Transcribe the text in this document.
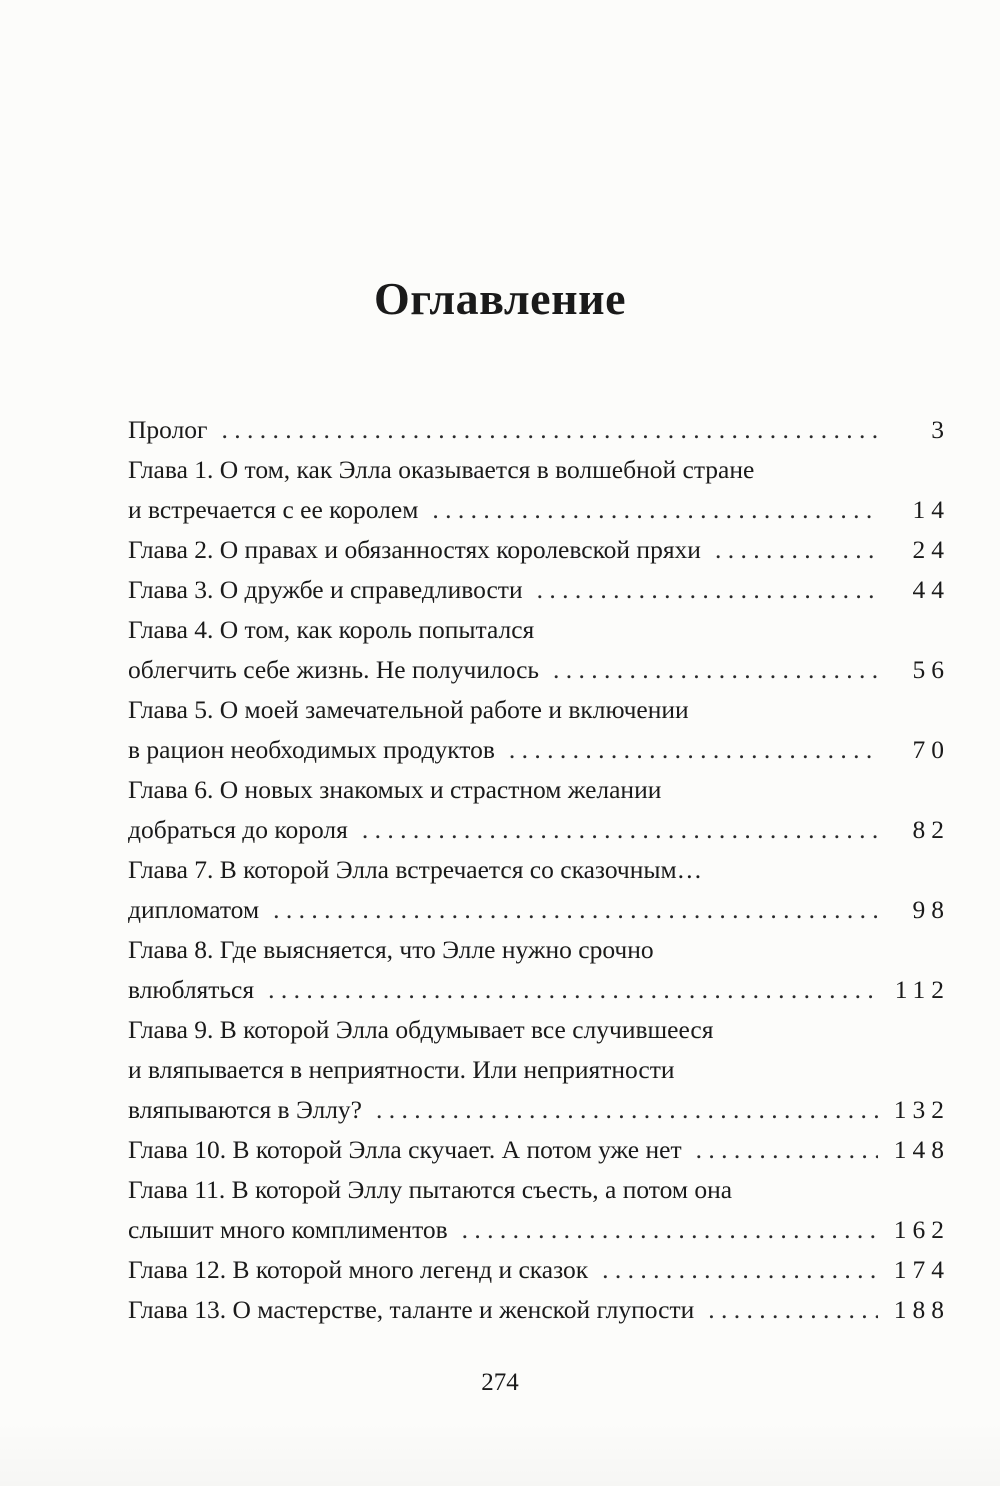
Оглавление
Пролог . . .	3
Глава 1. О том, как Элла оказывается в волшебной стране
и встречается с ее королем . . .	14
Глава 2. О правах и обязанностях королевской пряхи . . .	24
Глава 3. О дружбе и справедливости . . .	44
Глава 4. О том, как король попытался
облегчить себе жизнь. Не получилось . . .	56
Глава 5. О моей замечательной работе и включении
в рацион необходимых продуктов . . .	70
Глава 6. О новых знакомых и страстном желании
добраться до короля . . .	82
Глава 7. В которой Элла встречается со сказочным…
дипломатом . . .	98
Глава 8. Где выясняется, что Элле нужно срочно
влюбляться . . .	112
Глава 9. В которой Элла обдумывает все случившееся
и вляпывается в неприятности. Или неприятности
вляпываются в Эллу? . . .	132
Глава 10. В которой Элла скучает. А потом уже нет . . .	148
Глава 11. В которой Эллу пытаются съесть, а потом она
слышит много комплиментов . . .	162
Глава 12. В которой много легенд и сказок . . .	174
Глава 13. О мастерстве, таланте и женской глупости . . .	188
274
